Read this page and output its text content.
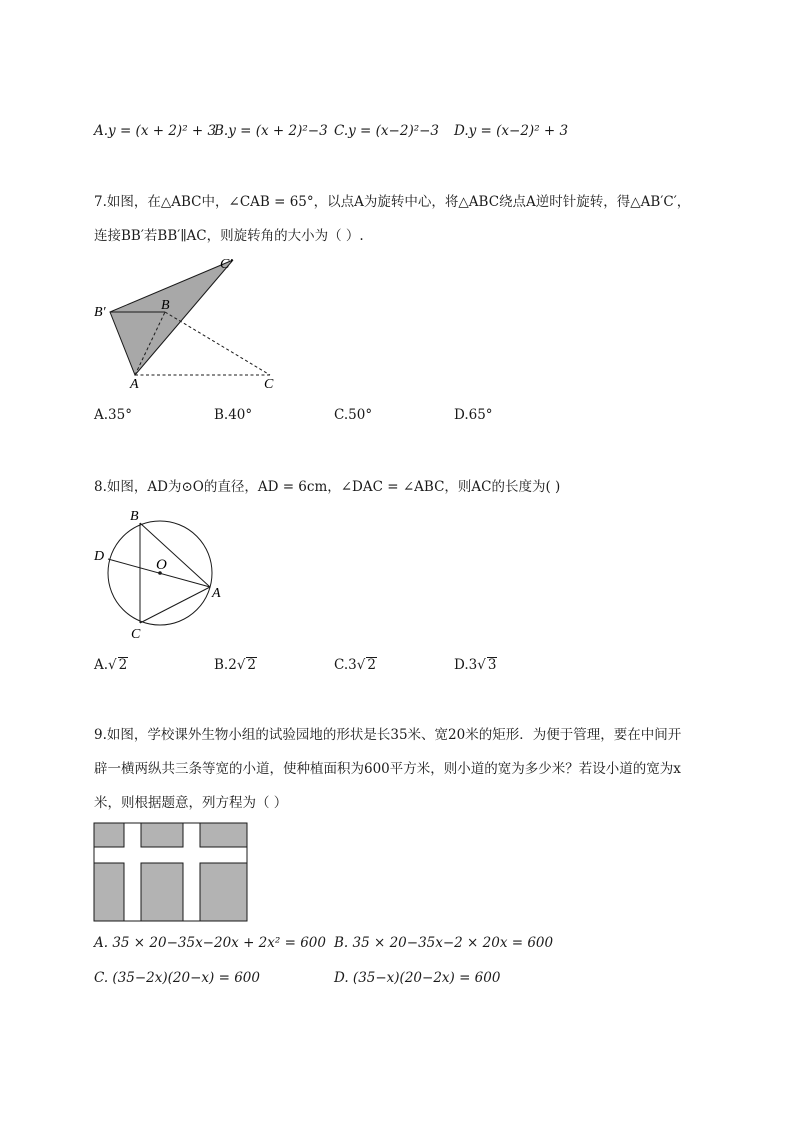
A.y = (x + 2)² + 3
B.y = (x + 2)²−3 C.y = (x−2)²−3 D.y = (x−2)² + 3
7.如图，在△ABC中，∠CAB = 65°，以点A为旋转中心，将△ABC绕点A逆时针旋转，得△AB′C′，
连接BB′若BB′∥AC，则旋转角的大小为（ ）.
C′
B′	B
A	C
A.35°	B.40°	C.50°	D.65°
8.如图，AD为⊙O的直径，AD = 6cm，∠DAC = ∠ABC，则AC的长度为( )
B
D
O
A
C
A.√ 2	B.2√ 2	C.3√ 2	D.3√ 3
9.如图，学校课外生物小组的试验园地的形状是长35米、宽20米的矩形．为便于管理，要在中间开
辟一横两纵共三条等宽的小道，使种植面积为600平方米，则小道的宽为多少米？若设小道的宽为x
米，则根据题意，列方程为（ ）
A. 35 × 20−35x−20x + 2x² = 600 B. 35 × 20−35x−2 × 20x = 600
C. (35−2x)(20−x) = 600	D. (35−x)(20−2x) = 600
